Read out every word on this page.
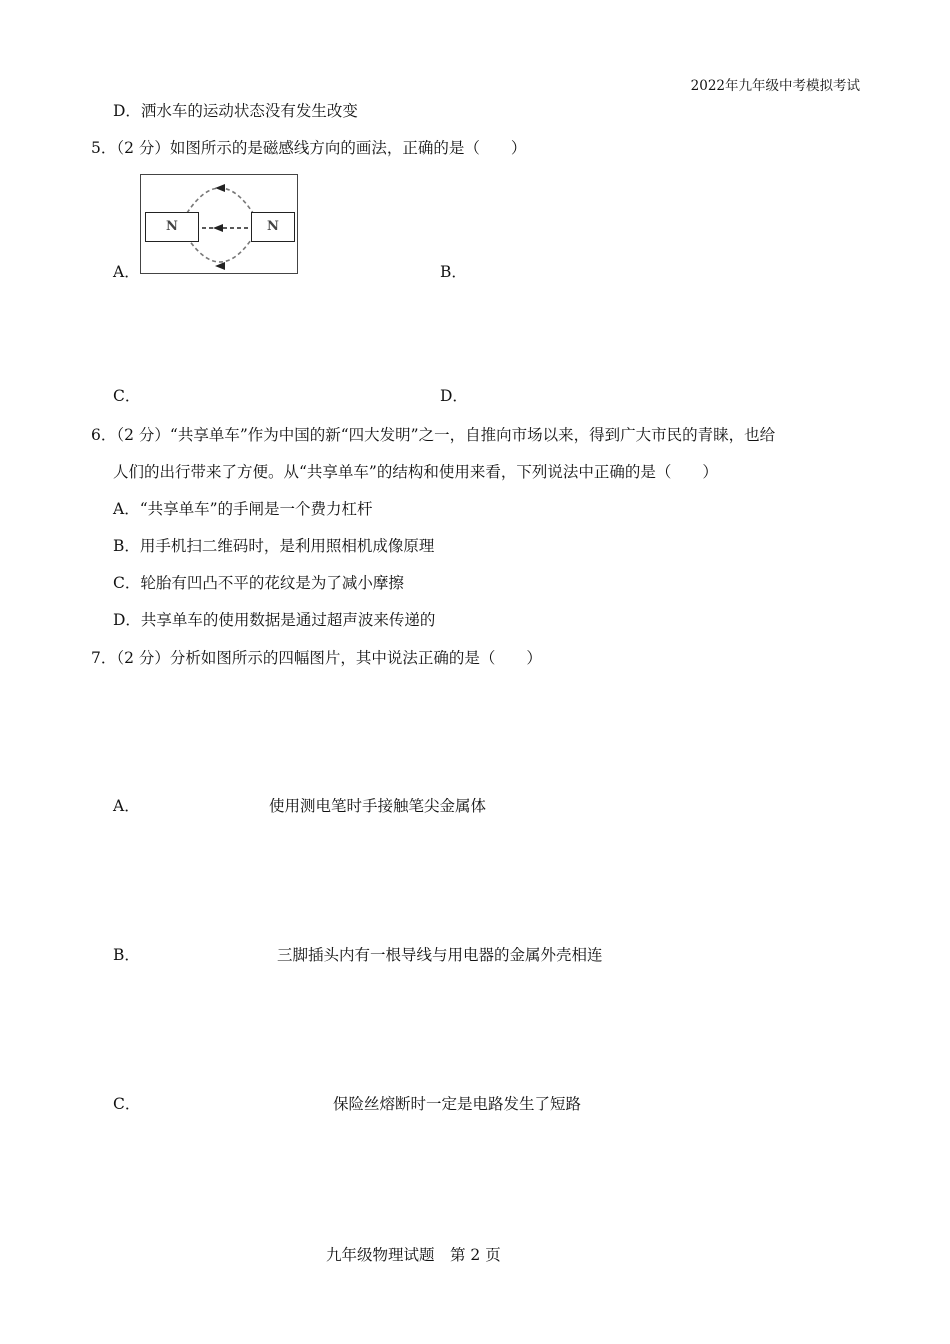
2022年九年级中考模拟考试
D．洒水车的运动状态没有发生改变
5．（2 分）如图所示的是磁感线方向的画法，正确的是（　　）
N	N
A．	B．
C．	D．
6．（2 分）“共享单车”作为中国的新“四大发明”之一，自推向市场以来，得到广大市民的青睐，也给
人们的出行带来了方便。从“共享单车”的结构和使用来看，下列说法中正确的是（　　）
A．“共享单车”的手闸是一个费力杠杆
B．用手机扫二维码时，是利用照相机成像原理
C．轮胎有凹凸不平的花纹是为了减小摩擦
D．共享单车的使用数据是通过超声波来传递的
7．（2 分）分析如图所示的四幅图片，其中说法正确的是（　　）
A．	使用测电笔时手接触笔尖金属体
B．	三脚插头内有一根导线与用电器的金属外壳相连
C．	保险丝熔断时一定是电路发生了短路
九年级物理试题　第 2 页
